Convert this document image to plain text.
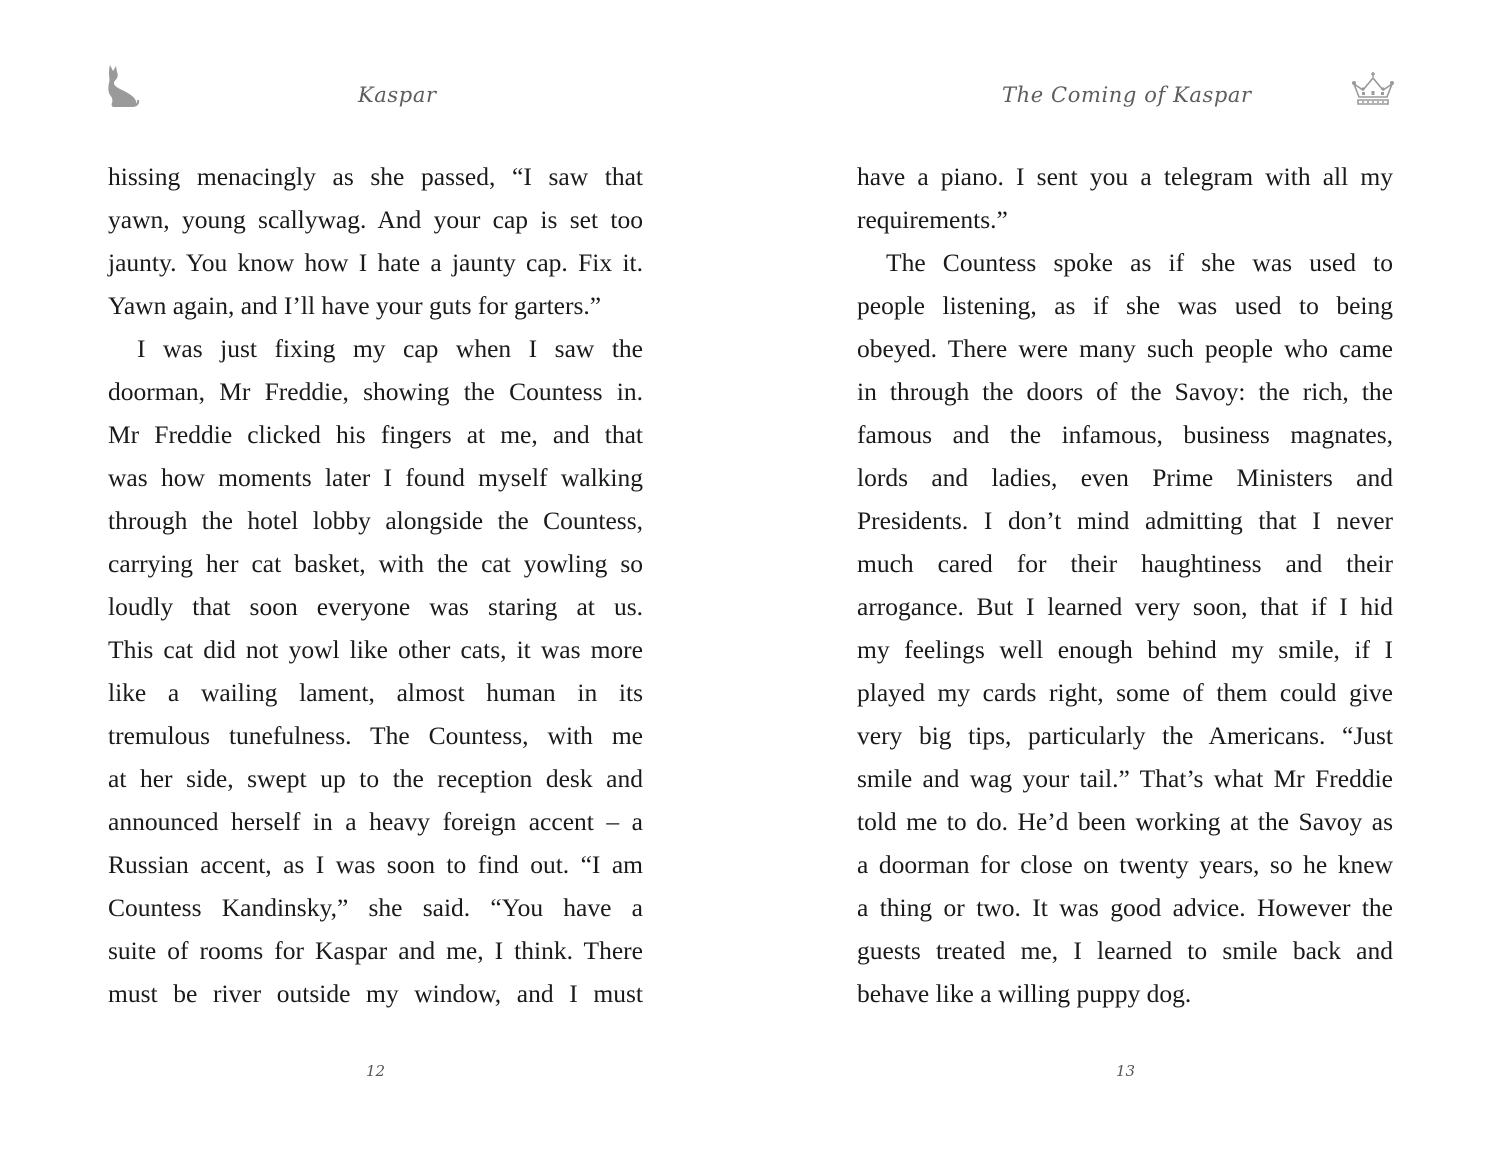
Kaspar
hissing menacingly as she passed, “I saw that
yawn, young scallywag. And your cap is set too
jaunty. You know how I hate a jaunty cap. Fix it.
Yawn again, and I’ll have your guts for garters.”
I was just fixing my cap when I saw the
doorman, Mr Freddie, showing the Countess in.
Mr Freddie clicked his fingers at me, and that
was how moments later I found myself walking
through the hotel lobby alongside the Countess,
carrying her cat basket, with the cat yowling so
loudly that soon everyone was staring at us.
This cat did not yowl like other cats, it was more
like a wailing lament, almost human in its
tremulous tunefulness. The Countess, with me
at her side, swept up to the reception desk and
announced herself in a heavy foreign accent – a
Russian accent, as I was soon to find out. “I am
Countess Kandinsky,” she said. “You have a
suite of rooms for Kaspar and me, I think. There
must be river outside my window, and I must
12
The Coming of Kaspar
have a piano. I sent you a telegram with all my
requirements.”
The Countess spoke as if she was used to
people listening, as if she was used to being
obeyed. There were many such people who came
in through the doors of the Savoy: the rich, the
famous and the infamous, business magnates,
lords and ladies, even Prime Ministers and
Presidents. I don’t mind admitting that I never
much cared for their haughtiness and their
arrogance. But I learned very soon, that if I hid
my feelings well enough behind my smile, if I
played my cards right, some of them could give
very big tips, particularly the Americans. “Just
smile and wag your tail.” That’s what Mr Freddie
told me to do. He’d been working at the Savoy as
a doorman for close on twenty years, so he knew
a thing or two. It was good advice. However the
guests treated me, I learned to smile back and
behave like a willing puppy dog.
13
